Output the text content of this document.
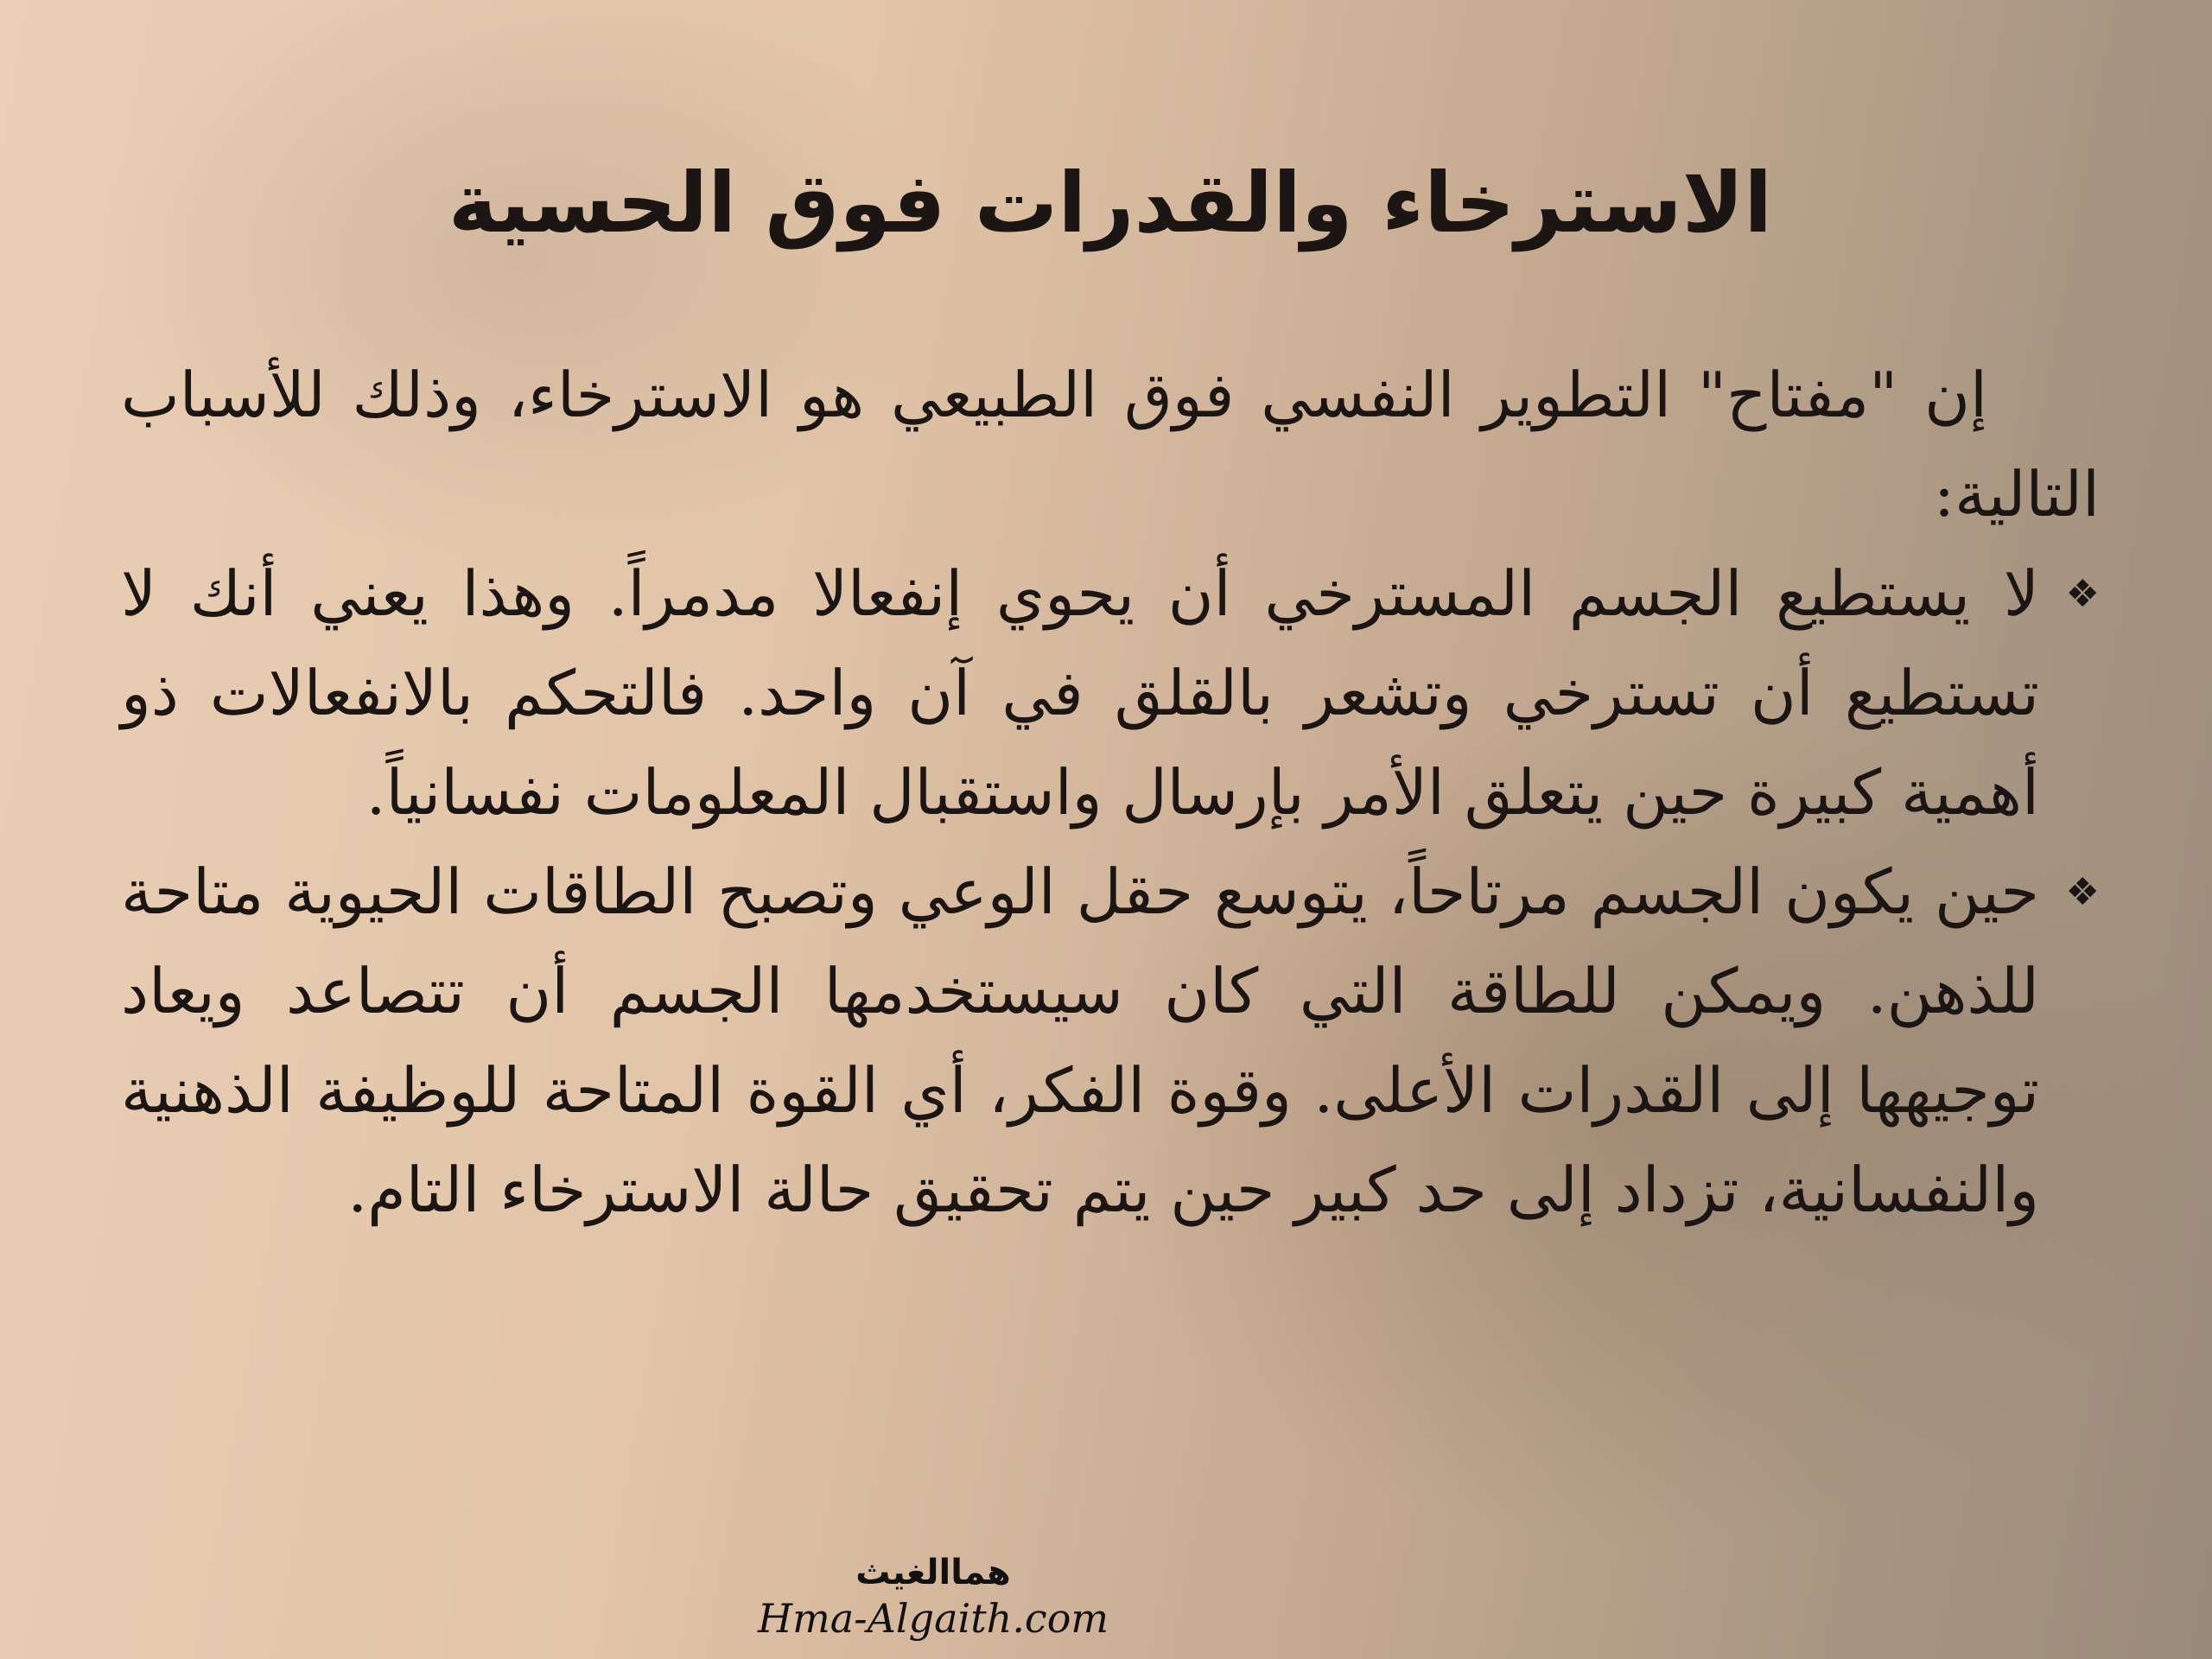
الاسترخاء والقدرات فوق الحسية

إن "مفتاح" التطوير النفسي فوق الطبيعي هو الاسترخاء، وذلك للأسباب التالية:

❖
لا يستطيع الجسم المسترخي أن يحوي إنفعالا مدمراً. وهذا يعني أنك لا تستطيع أن تسترخي وتشعر بالقلق في آن واحد. فالتحكم بالانفعالات ذو أهمية كبيرة حين يتعلق الأمر بإرسال واستقبال المعلومات نفسانياً.
❖
حين يكون الجسم مرتاحاً، يتوسع حقل الوعي وتصبح الطاقات الحيوية متاحة للذهن. ويمكن للطاقة التي كان سيستخدمها الجسم أن تتصاعد ويعاد توجيهها إلى القدرات الأعلى. وقوة الفكر، أي القوة المتاحة للوظيفة الذهنية والنفسانية، تزداد إلى حد كبير حين يتم تحقيق حالة الاسترخاء التام.
هماالغيث
Hma-Algaith.com
